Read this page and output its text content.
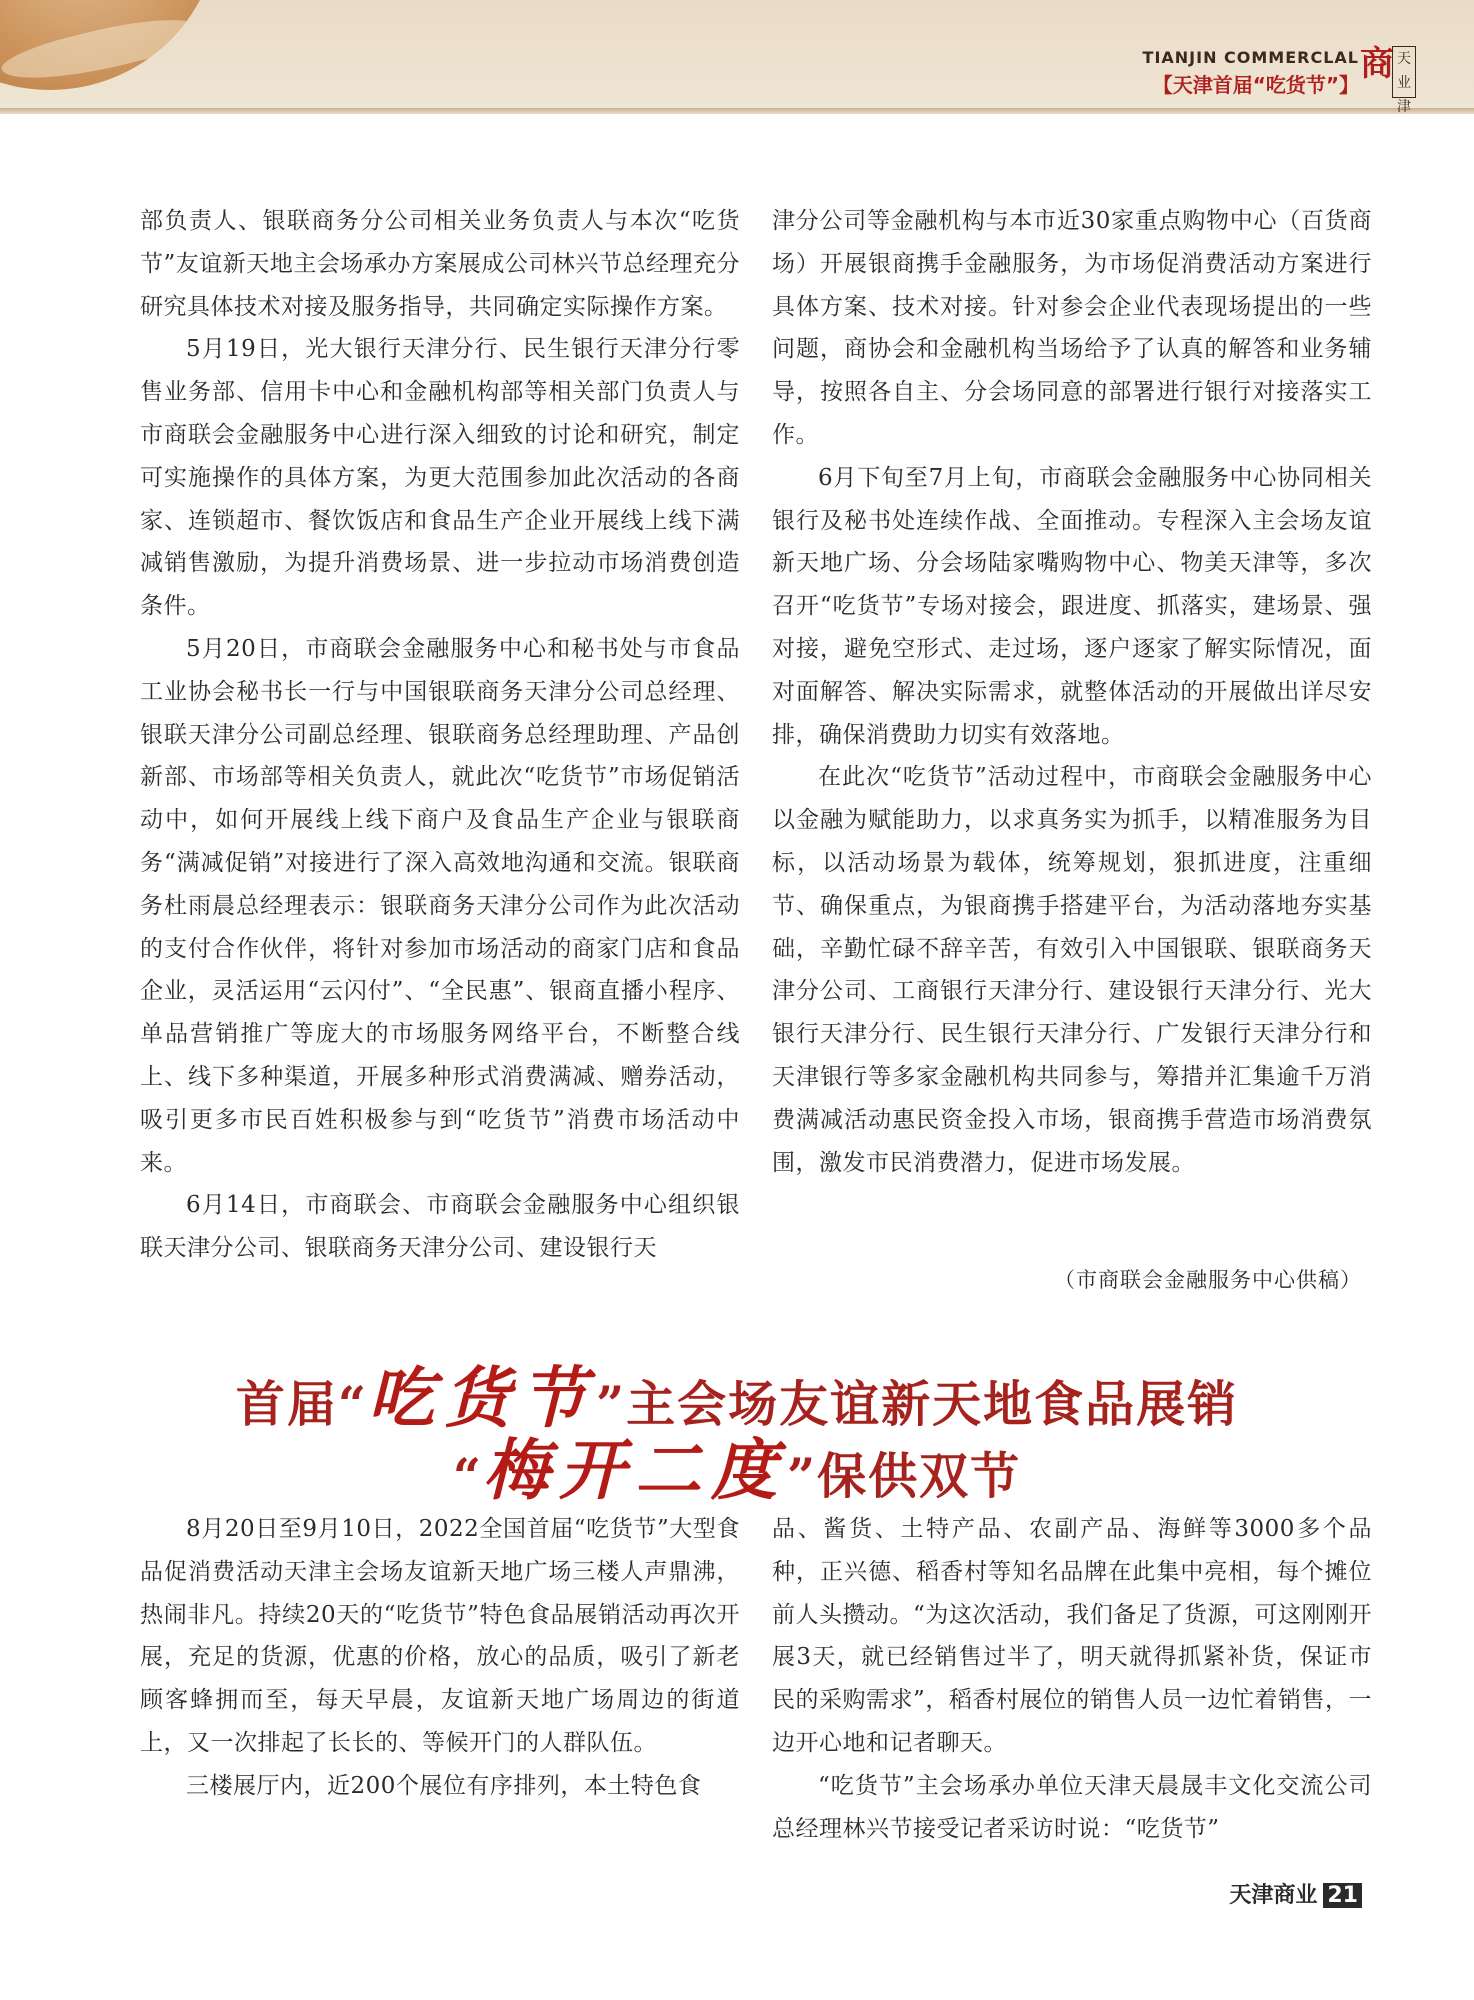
TIANJIN COMMERCLAL
【天津首届“吃货节”】
商 天业津

部负责人、银联商务分公司相关业务负责人与本次“吃货节”友谊新天地主会场承办方案展成公司林兴节总经理充分研究具体技术对接及服务指导，共同确定实际操作方案。

5月19日，光大银行天津分行、民生银行天津分行零售业务部、信用卡中心和金融机构部等相关部门负责人与市商联会金融服务中心进行深入细致的讨论和研究，制定可实施操作的具体方案，为更大范围参加此次活动的各商家、连锁超市、餐饮饭店和食品生产企业开展线上线下满减销售激励，为提升消费场景、进一步拉动市场消费创造条件。

5月20日，市商联会金融服务中心和秘书处与市食品工业协会秘书长一行与中国银联商务天津分公司总经理、银联天津分公司副总经理、银联商务总经理助理、产品创新部、市场部等相关负责人，就此次“吃货节”市场促销活动中，如何开展线上线下商户及食品生产企业与银联商务“满减促销”对接进行了深入高效地沟通和交流。银联商务杜雨晨总经理表示：银联商务天津分公司作为此次活动的支付合作伙伴，将针对参加市场活动的商家门店和食品企业，灵活运用“云闪付”、“全民惠”、银商直播小程序、单品营销推广等庞大的市场服务网络平台，不断整合线上、线下多种渠道，开展多种形式消费满减、赠券活动，吸引更多市民百姓积极参与到“吃货节”消费市场活动中来。

6月14日，市商联会、市商联会金融服务中心组织银联天津分公司、银联商务天津分公司、建设银行天

津分公司等金融机构与本市近30家重点购物中心（百货商场）开展银商携手金融服务，为市场促消费活动方案进行具体方案、技术对接。针对参会企业代表现场提出的一些问题，商协会和金融机构当场给予了认真的解答和业务辅导，按照各自主、分会场同意的部署进行银行对接落实工作。

6月下旬至7月上旬，市商联会金融服务中心协同相关银行及秘书处连续作战、全面推动。专程深入主会场友谊新天地广场、分会场陆家嘴购物中心、物美天津等，多次召开“吃货节”专场对接会，跟进度、抓落实，建场景、强对接，避免空形式、走过场，逐户逐家了解实际情况，面对面解答、解决实际需求，就整体活动的开展做出详尽安排，确保消费助力切实有效落地。

在此次“吃货节”活动过程中，市商联会金融服务中心以金融为赋能助力，以求真务实为抓手，以精准服务为目标，以活动场景为载体，统筹规划，狠抓进度，注重细节、确保重点，为银商携手搭建平台，为活动落地夯实基础，辛勤忙碌不辞辛苦，有效引入中国银联、银联商务天津分公司、工商银行天津分行、建设银行天津分行、光大银行天津分行、民生银行天津分行、广发银行天津分行和天津银行等多家金融机构共同参与，筹措并汇集逾千万消费满减活动惠民资金投入市场，银商携手营造市场消费氛围，激发市民消费潜力，促进市场发展。

（市商联会金融服务中心供稿）
首届“吃货节”主会场友谊新天地食品展销
“梅开二度”保供双节

8月20日至9月10日，2022全国首届“吃货节”大型食品促消费活动天津主会场友谊新天地广场三楼人声鼎沸，热闹非凡。持续20天的“吃货节”特色食品展销活动再次开展，充足的货源，优惠的价格，放心的品质，吸引了新老顾客蜂拥而至，每天早晨，友谊新天地广场周边的街道上，又一次排起了长长的、等候开门的人群队伍。

三楼展厅内，近200个展位有序排列，本土特色食

品、酱货、土特产品、农副产品、海鲜等3000多个品种，正兴德、稻香村等知名品牌在此集中亮相，每个摊位前人头攒动。“为这次活动，我们备足了货源，可这刚刚开展3天，就已经销售过半了，明天就得抓紧补货，保证市民的采购需求”，稻香村展位的销售人员一边忙着销售，一边开心地和记者聊天。

“吃货节”主会场承办单位天津天晨晟丰文化交流公司总经理林兴节接受记者采访时说：“吃货节”

天津商业 21
